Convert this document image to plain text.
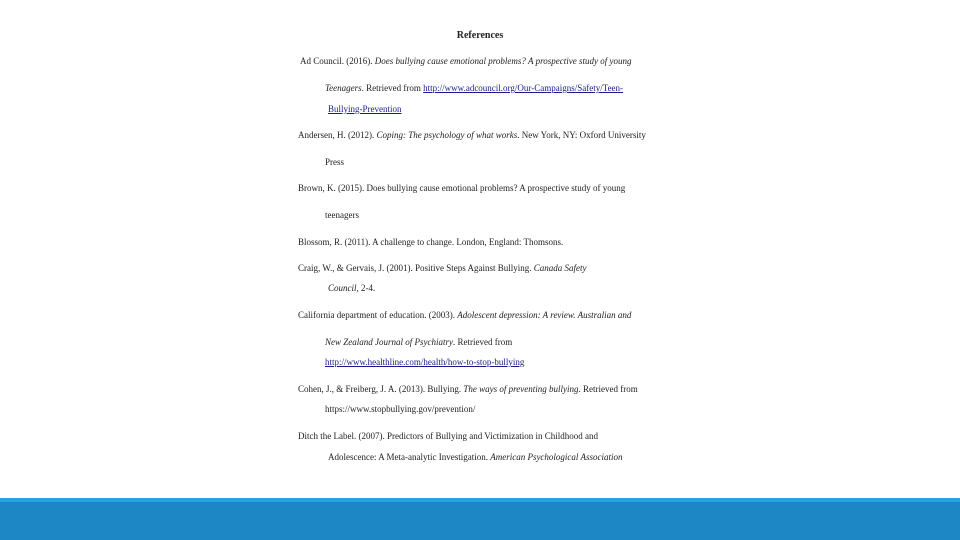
References
Ad Council. (2016). Does bullying cause emotional problems? A prospective study of young
Teenagers. Retrieved from http://www.adcouncil.org/Our-Campaigns/Safety/Teen-
Bullying-Prevention
Andersen, H. (2012). Coping: The psychology of what works. New York, NY: Oxford University
Press
Brown, K. (2015). Does bullying cause emotional problems? A prospective study of young
teenagers
Blossom, R. (2011). A challenge to change. London, England: Thomsons.
Craig, W., & Gervais, J. (2001). Positive Steps Against Bullying. Canada Safety
Council, 2-4.
California department of education. (2003). Adolescent depression: A review. Australian and
New Zealand Journal of Psychiatry. Retrieved from
http://www.healthline.com/health/how-to-stop-bullying
Cohen, J., & Freiberg, J. A. (2013). Bullying. The ways of preventing bullying. Retrieved from
https://www.stopbullying.gov/prevention/
Ditch the Label. (2007). Predictors of Bullying and Victimization in Childhood and
Adolescence: A Meta-analytic Investigation. American Psychological Association
